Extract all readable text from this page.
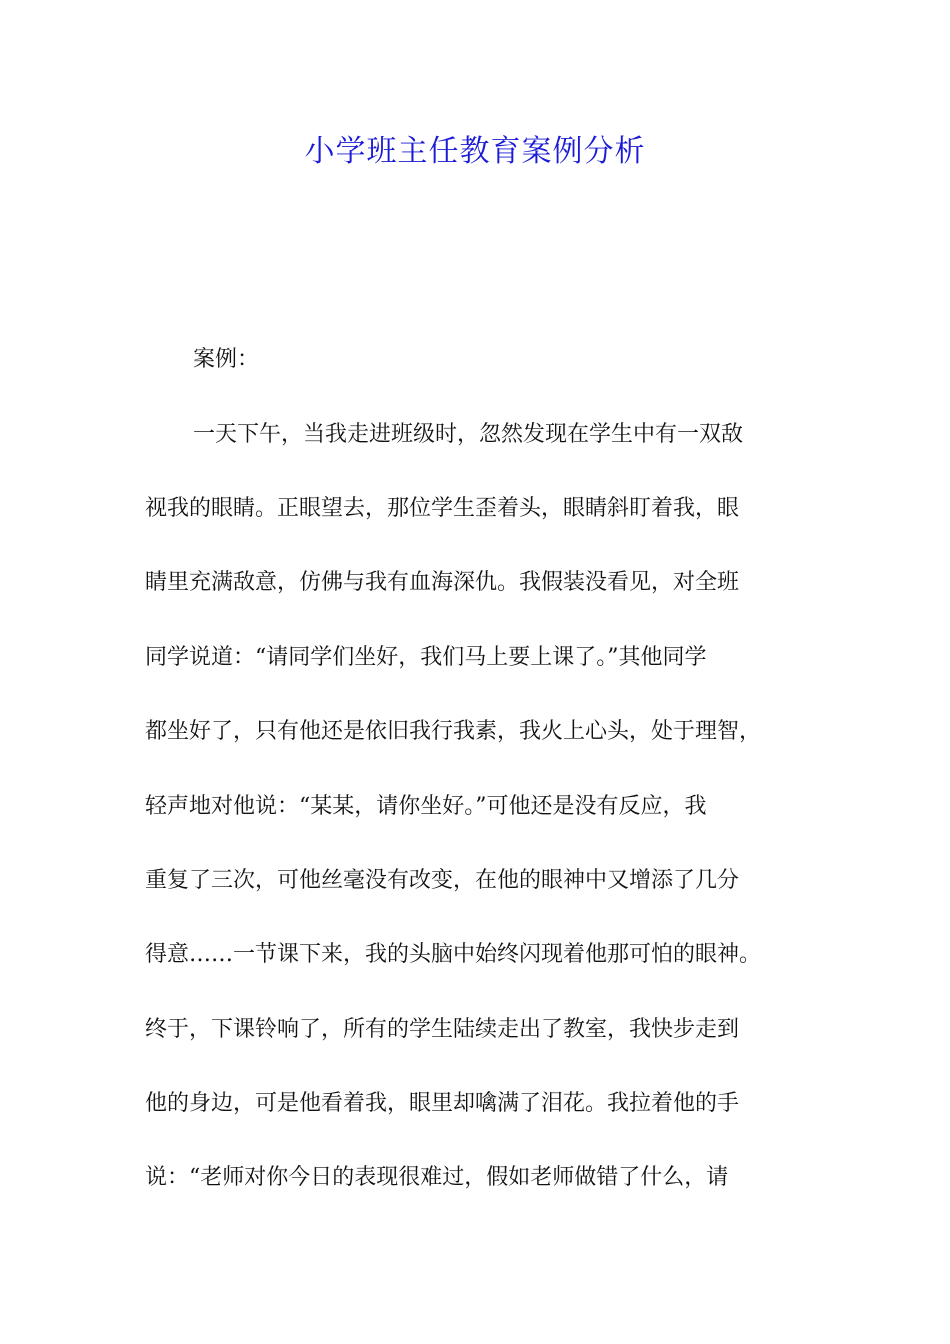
小学班主任教育案例分析

案例：

一天下午，当我走进班级时，忽然发现在学生中有一双敌

视我的眼睛。正眼望去，那位学生歪着头，眼睛斜盯着我，眼

睛里充满敌意，仿佛与我有血海深仇。我假装没看见，对全班

同学说道：“请同学们坐好，我们马上要上课了。”其他同学

都坐好了，只有他还是依旧我行我素，我火上心头，处于理智，

轻声地对他说：“某某，请你坐好。”可他还是没有反应，我

重复了三次，可他丝毫没有改变，在他的眼神中又增添了几分

得意……一节课下来，我的头脑中始终闪现着他那可怕的眼神。

终于，下课铃响了，所有的学生陆续走出了教室，我快步走到

他的身边，可是他看着我，眼里却噙满了泪花。我拉着他的手

说：“老师对你今日的表现很难过，假如老师做错了什么，请
